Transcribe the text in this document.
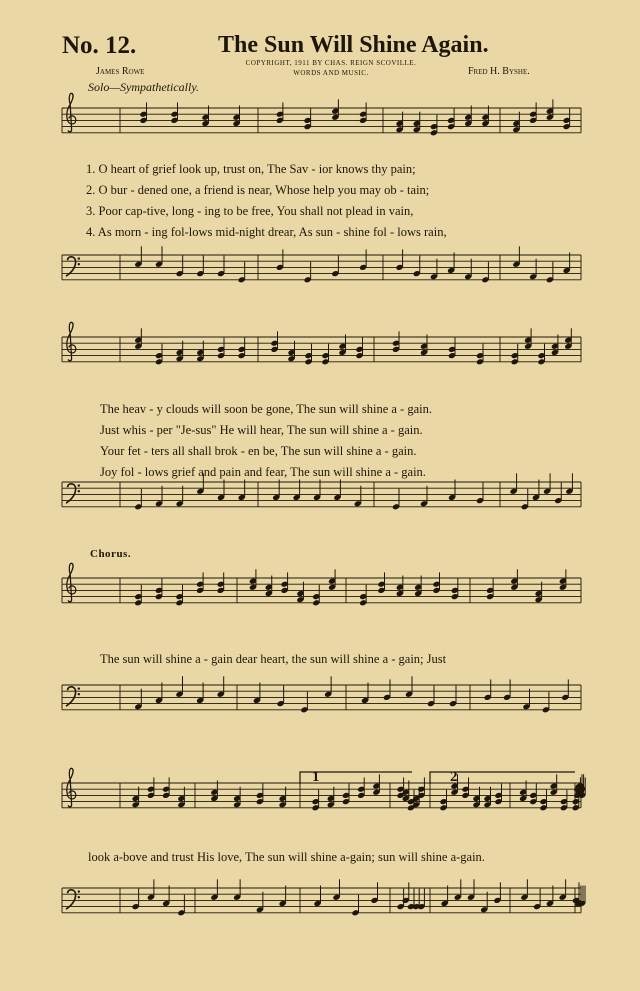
1	2
No. 12.	The Sun Will Shine Again.
COPYRIGHT, 1911 BY CHAS. REIGN SCOVILLE.
WORDS AND MUSIC.
James Rowe	Fred H. Byshe.
Solo—Sympathetically.
1. O heart of grief look up, trust on, The Sav - ior knows thy pain;
2. O bur - dened one, a friend is near, Whose help you may ob - tain;
3. Poor cap-tive, long - ing to be free, You shall not plead in vain,
4. As morn - ing fol-lows mid-night drear, As sun - shine fol - lows rain,
The heav - y clouds will soon be gone, The sun will shine a - gain.
Just whis - per "Je-sus" He will hear, The sun will shine a - gain.
Your fet - ters all shall brok - en be, The sun will shine a - gain.
Joy fol - lows grief and pain and fear, The sun will shine a - gain.
Chorus.
The sun will shine a - gain dear heart, the sun will shine a - gain; Just
look a-bove and trust His love, The sun will shine a-gain; sun will shine a-gain.
